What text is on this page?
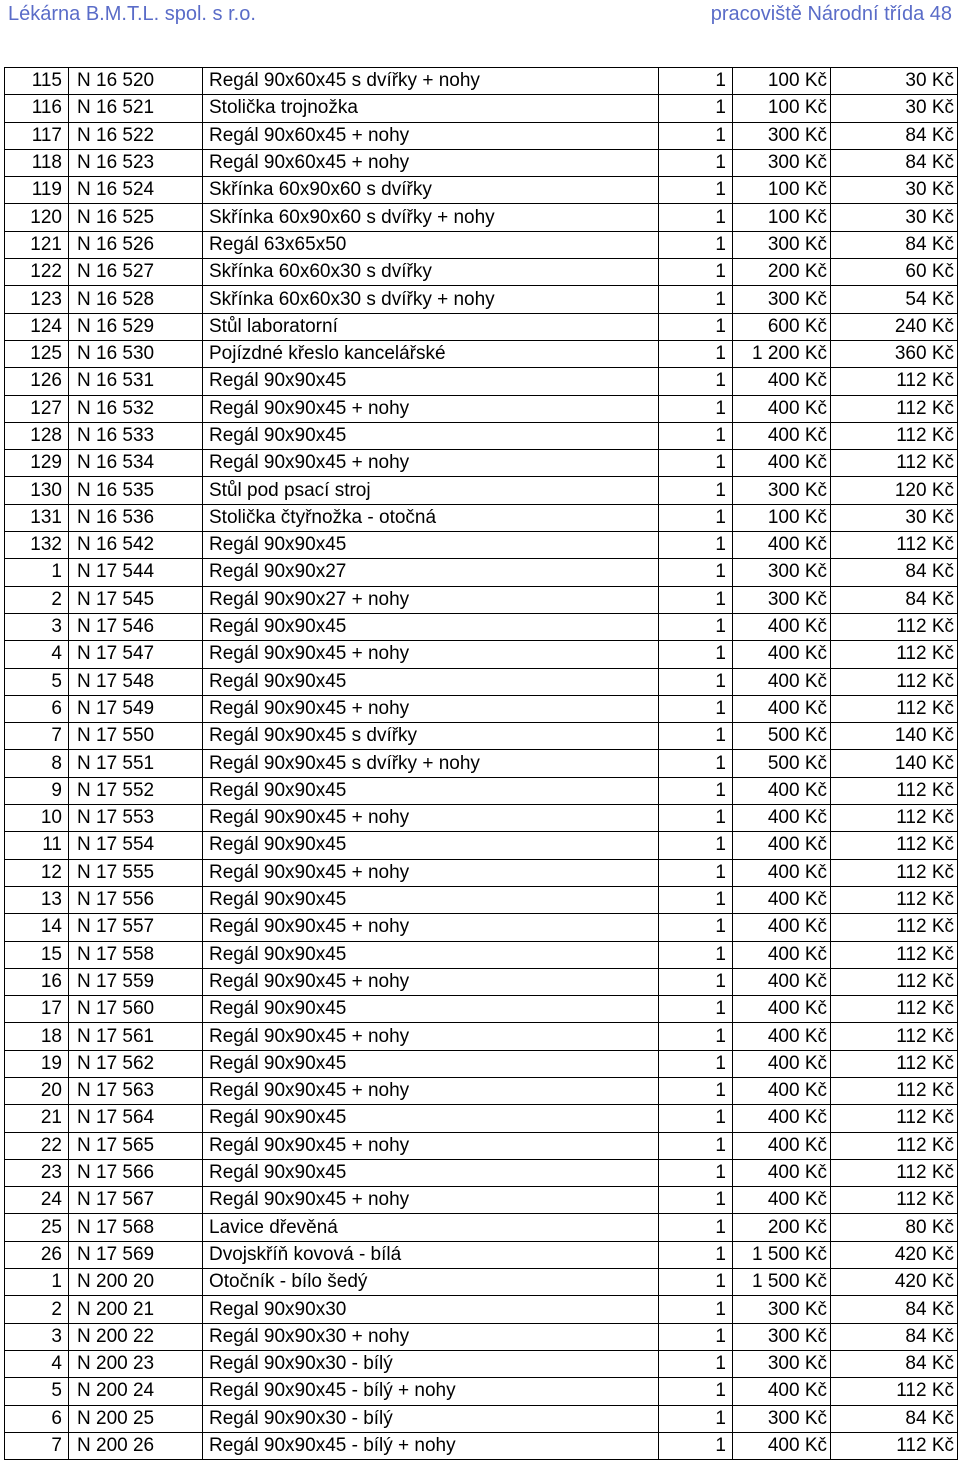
Lékárna B.M.T.L. spol. s r.o.	pracoviště Národní třída 48
115	N 16 520	Regál 90x60x45 s dvířky + nohy	1	100 Kč	30 Kč
116	N 16 521	Stolička trojnožka	1	100 Kč	30 Kč
117	N 16 522	Regál 90x60x45 + nohy	1	300 Kč	84 Kč
118	N 16 523	Regál 90x60x45 + nohy	1	300 Kč	84 Kč
119	N 16 524	Skřínka 60x90x60 s dvířky	1	100 Kč	30 Kč
120	N 16 525	Skřínka 60x90x60 s dvířky + nohy	1	100 Kč	30 Kč
121	N 16 526	Regál 63x65x50	1	300 Kč	84 Kč
122	N 16 527	Skřínka 60x60x30 s dvířky	1	200 Kč	60 Kč
123	N 16 528	Skřínka 60x60x30 s dvířky + nohy	1	300 Kč	54 Kč
124	N 16 529	Stůl laboratorní	1	600 Kč	240 Kč
125	N 16 530	Pojízdné křeslo kancelářské	1	1 200 Kč	360 Kč
126	N 16 531	Regál 90x90x45	1	400 Kč	112 Kč
127	N 16 532	Regál 90x90x45 + nohy	1	400 Kč	112 Kč
128	N 16 533	Regál 90x90x45	1	400 Kč	112 Kč
129	N 16 534	Regál 90x90x45 + nohy	1	400 Kč	112 Kč
130	N 16 535	Stůl pod psací stroj	1	300 Kč	120 Kč
131	N 16 536	Stolička čtyřnožka - otočná	1	100 Kč	30 Kč
132	N 16 542	Regál 90x90x45	1	400 Kč	112 Kč
1	N 17 544	Regál 90x90x27	1	300 Kč	84 Kč
2	N 17 545	Regál 90x90x27 + nohy	1	300 Kč	84 Kč
3	N 17 546	Regál 90x90x45	1	400 Kč	112 Kč
4	N 17 547	Regál 90x90x45 + nohy	1	400 Kč	112 Kč
5	N 17 548	Regál 90x90x45	1	400 Kč	112 Kč
6	N 17 549	Regál 90x90x45 + nohy	1	400 Kč	112 Kč
7	N 17 550	Regál 90x90x45 s dvířky	1	500 Kč	140 Kč
8	N 17 551	Regál 90x90x45 s dvířky + nohy	1	500 Kč	140 Kč
9	N 17 552	Regál 90x90x45	1	400 Kč	112 Kč
10	N 17 553	Regál 90x90x45 + nohy	1	400 Kč	112 Kč
11	N 17 554	Regál 90x90x45	1	400 Kč	112 Kč
12	N 17 555	Regál 90x90x45 + nohy	1	400 Kč	112 Kč
13	N 17 556	Regál 90x90x45	1	400 Kč	112 Kč
14	N 17 557	Regál 90x90x45 + nohy	1	400 Kč	112 Kč
15	N 17 558	Regál 90x90x45	1	400 Kč	112 Kč
16	N 17 559	Regál 90x90x45 + nohy	1	400 Kč	112 Kč
17	N 17 560	Regál 90x90x45	1	400 Kč	112 Kč
18	N 17 561	Regál 90x90x45 + nohy	1	400 Kč	112 Kč
19	N 17 562	Regál 90x90x45	1	400 Kč	112 Kč
20	N 17 563	Regál 90x90x45 + nohy	1	400 Kč	112 Kč
21	N 17 564	Regál 90x90x45	1	400 Kč	112 Kč
22	N 17 565	Regál 90x90x45 + nohy	1	400 Kč	112 Kč
23	N 17 566	Regál 90x90x45	1	400 Kč	112 Kč
24	N 17 567	Regál 90x90x45 + nohy	1	400 Kč	112 Kč
25	N 17 568	Lavice dřevěná	1	200 Kč	80 Kč
26	N 17 569	Dvojskříň kovová - bílá	1	1 500 Kč	420 Kč
1	N 200 20	Otočník - bílo šedý	1	1 500 Kč	420 Kč
2	N 200 21	Regal 90x90x30	1	300 Kč	84 Kč
3	N 200 22	Regál 90x90x30 + nohy	1	300 Kč	84 Kč
4	N 200 23	Regál 90x90x30 - bílý	1	300 Kč	84 Kč
5	N 200 24	Regál 90x90x45 - bílý + nohy	1	400 Kč	112 Kč
6	N 200 25	Regál 90x90x30 - bílý	1	300 Kč	84 Kč
7	N 200 26	Regál 90x90x45 - bílý + nohy	1	400 Kč	112 Kč
